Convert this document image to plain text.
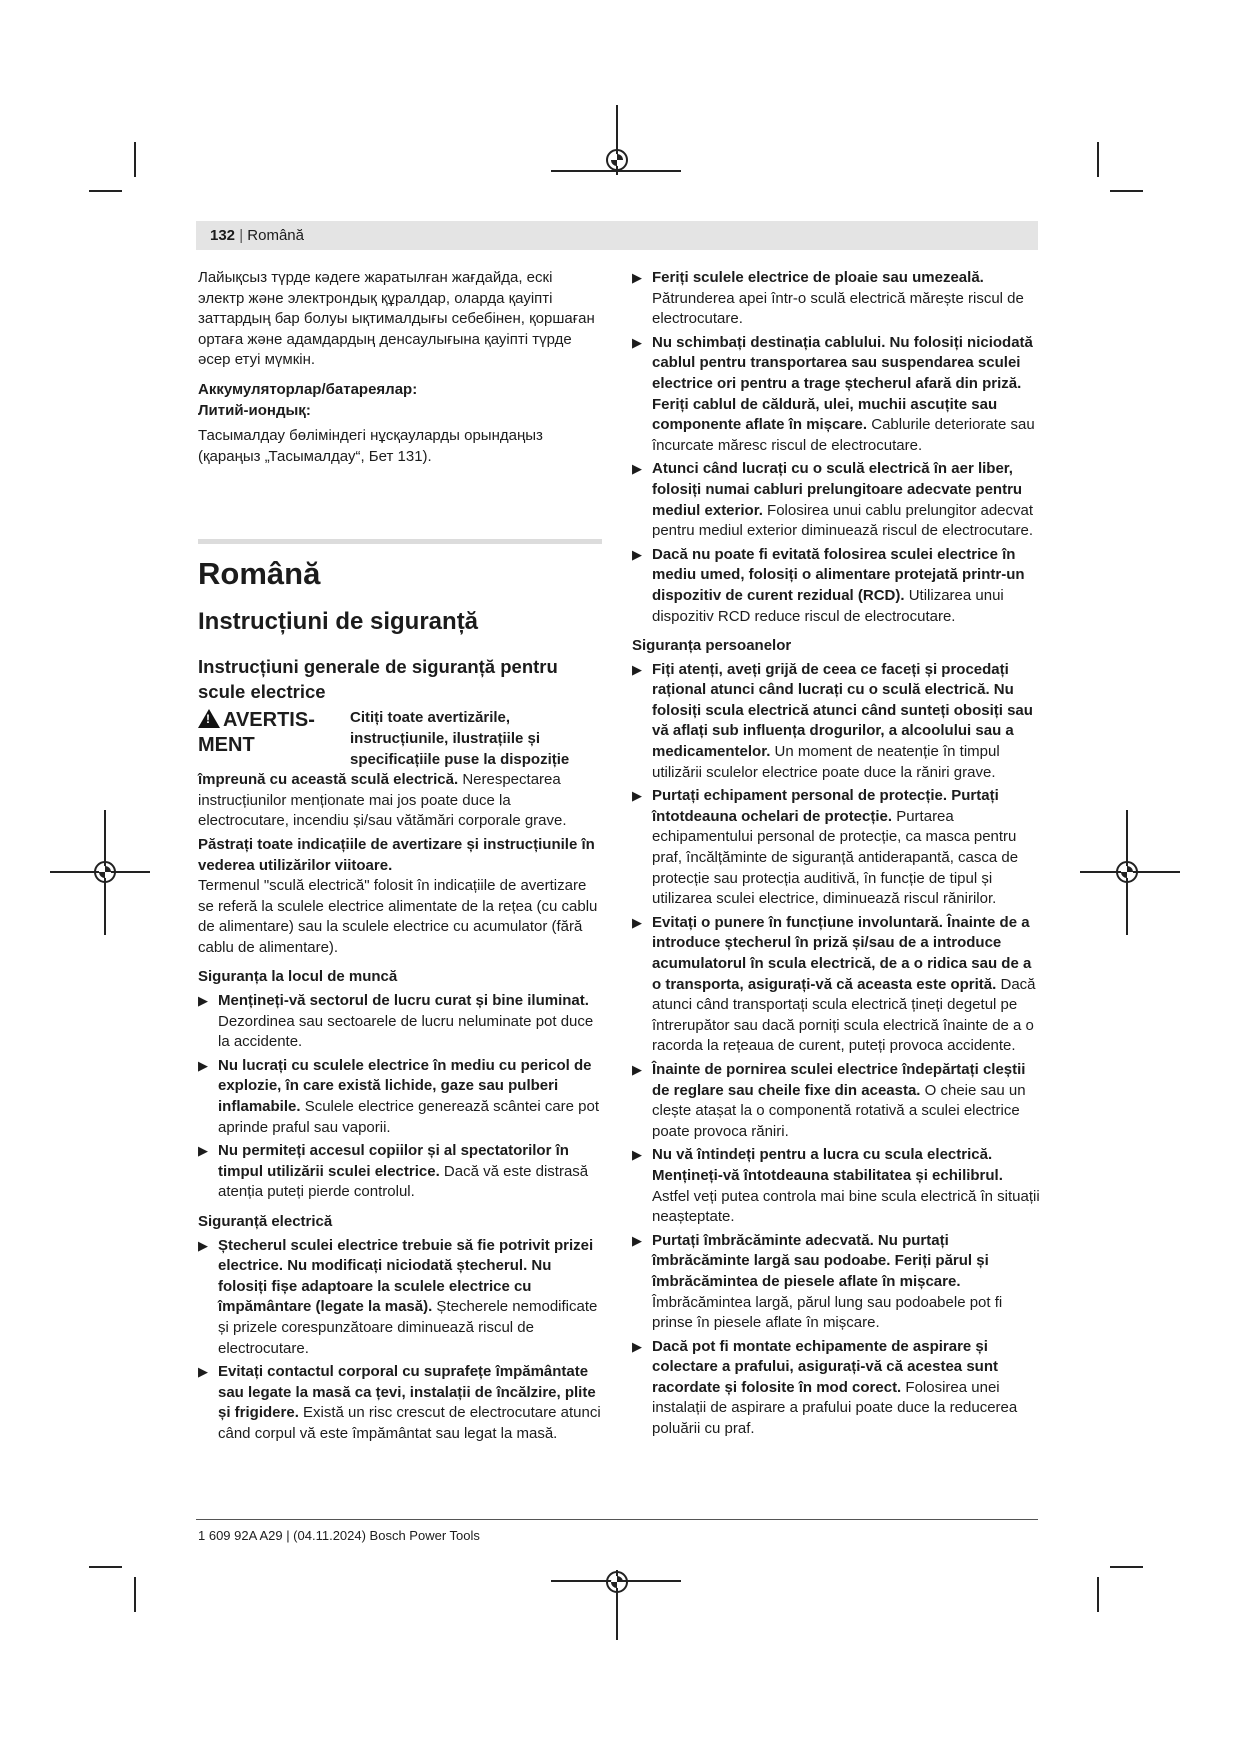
132 | Română

Лайықсыз түрде кәдеге жаратылған жағдайда, ескі электр және электрондық құралдар, оларда қауіпті заттардың бар болуы ықтималдығы себебінен, қоршаған ортаға және адамдардың денсаулығына қауіпті түрде әсер етуі мүмкін.

Аккумуляторлар/батареялар:

Литий-иондық:

Тасымалдау бөліміндегі нұсқауларды орындаңыз (қараңыз „Тасымалдау“, Бет 131).

Română
Instrucțiuni de siguranță
Instrucțiuni generale de siguranță pentru scule electrice
!AVERTIS-
MENT

Citiți toate avertizările, instrucțiunile, ilustrațiile și specificațiile puse la dispoziție împreună cu această sculă electrică. Nerespectarea instrucțiunilor menționate mai jos poate duce la electrocutare, incendiu și/sau vătămări corporale grave.

Păstrați toate indicațiile de avertizare și instrucțiunile în vederea utilizărilor viitoare.

Termenul "sculă electrică" folosit în indicațiile de avertizare se referă la sculele electrice alimentate de la rețea (cu cablu de alimentare) sau la sculele electrice cu acumulator (fără cablu de alimentare).

Siguranța la locul de muncă

▶ Mențineți-vă sectorul de lucru curat și bine iluminat. Dezordinea sau sectoarele de lucru neluminate pot duce la accidente.
▶ Nu lucrați cu sculele electrice în mediu cu pericol de explozie, în care există lichide, gaze sau pulberi inflamabile. Sculele electrice generează scântei care pot aprinde praful sau vaporii.
▶ Nu permiteți accesul copiilor și al spectatorilor în timpul utilizării sculei electrice. Dacă vă este distrasă atenția puteți pierde controlul.

Siguranță electrică

▶ Ștecherul sculei electrice trebuie să fie potrivit prizei electrice. Nu modificați niciodată ștecherul. Nu folosiți fișe adaptoare la sculele electrice cu împământare (legate la masă). Ștecherele nemodificate și prizele corespunzătoare diminuează riscul de electrocutare.
▶ Evitați contactul corporal cu suprafețe împământate sau legate la masă ca țevi, instalații de încălzire, plite și frigidere. Există un risc crescut de electrocutare atunci când corpul vă este împământat sau legat la masă.
▶ Feriți sculele electrice de ploaie sau umezeală. Pătrunderea apei într-o sculă electrică mărește riscul de electrocutare.
▶ Nu schimbați destinația cablului. Nu folosiți niciodată cablul pentru transportarea sau suspendarea sculei electrice ori pentru a trage ștecherul afară din priză. Feriți cablul de căldură, ulei, muchii ascuțite sau componente aflate în mișcare. Cablurile deteriorate sau încurcate măresc riscul de electrocutare.
▶ Atunci când lucrați cu o sculă electrică în aer liber, folosiți numai cabluri prelungitoare adecvate pentru mediul exterior. Folosirea unui cablu prelungitor adecvat pentru mediul exterior diminuează riscul de electrocutare.
▶ Dacă nu poate fi evitată folosirea sculei electrice în mediu umed, folosiți o alimentare protejată printr-un dispozitiv de curent rezidual (RCD). Utilizarea unui dispozitiv RCD reduce riscul de electrocutare.

Siguranța persoanelor

▶ Fiți atenți, aveți grijă de ceea ce faceți și procedați rațional atunci când lucrați cu o sculă electrică. Nu folosiți scula electrică atunci când sunteți obosiți sau vă aflați sub influența drogurilor, a alcoolului sau a medicamentelor. Un moment de neatenție în timpul utilizării sculelor electrice poate duce la răniri grave.
▶ Purtați echipament personal de protecție. Purtați întotdeauna ochelari de protecție. Purtarea echipamentului personal de protecție, ca masca pentru praf, încălțăminte de siguranță antiderapantă, casca de protecție sau protecția auditivă, în funcție de tipul și utilizarea sculei electrice, diminuează riscul rănirilor.
▶ Evitați o punere în funcțiune involuntară. Înainte de a introduce ștecherul în priză și/sau de a introduce acumulatorul în scula electrică, de a o ridica sau de a o transporta, asigurați-vă că aceasta este oprită. Dacă atunci când transportați scula electrică țineți degetul pe întrerupător sau dacă porniți scula electrică înainte de a o racorda la rețeaua de curent, puteți provoca accidente.
▶ Înainte de pornirea sculei electrice îndepărtați cleștii de reglare sau cheile fixe din aceasta. O cheie sau un clește atașat la o componentă rotativă a sculei electrice poate provoca răniri.
▶ Nu vă întindeți pentru a lucra cu scula electrică. Mențineți-vă întotdeauna stabilitatea și echilibrul. Astfel veți putea controla mai bine scula electrică în situații neașteptate.
▶ Purtați îmbrăcăminte adecvată. Nu purtați îmbrăcăminte largă sau podoabe. Feriți părul și îmbrăcămintea de piesele aflate în mișcare. Îmbrăcămintea largă, părul lung sau podoabele pot fi prinse în piesele aflate în mișcare.
▶ Dacă pot fi montate echipamente de aspirare și colectare a prafului, asigurați-vă că acestea sunt racordate și folosite în mod corect. Folosirea unei instalații de aspirare a prafului poate duce la reducerea poluării cu praf.
1 609 92A A29 | (04.11.2024) Bosch Power Tools
